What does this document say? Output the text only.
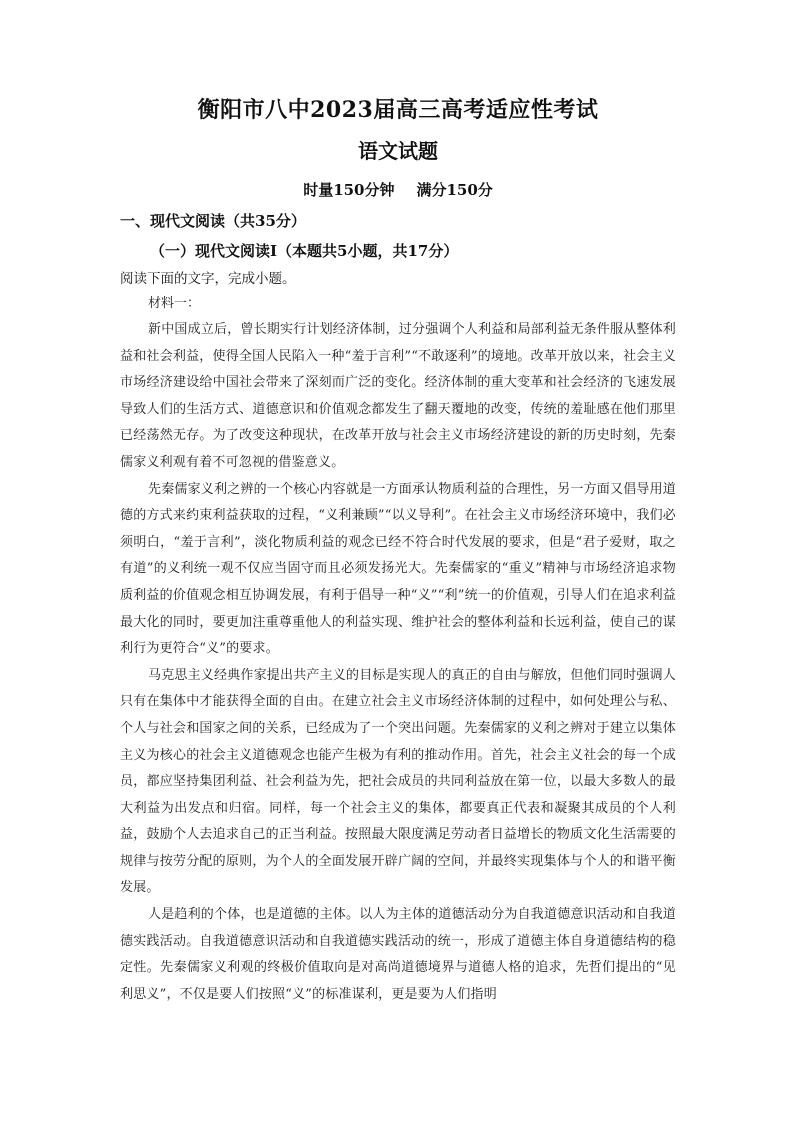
衡阳市八中2023届高三高考适应性考试
语文试题
时量150分钟 满分150分
一、现代文阅读（共35分）
（一）现代文阅读Ⅰ（本题共5小题，共17分）
阅读下面的文字，完成小题。
材料一：

新中国成立后，曾长期实行计划经济体制，过分强调个人利益和局部利益无条件服从整体利益和社会利益，使得全国人民陷入一种“羞于言利”“不敢逐利”的境地。改革开放以来，社会主义市场经济建设给中国社会带来了深刻而广泛的变化。经济体制的重大变革和社会经济的飞速发展导致人们的生活方式、道德意识和价值观念都发生了翻天覆地的改变，传统的羞耻感在他们那里已经荡然无存。为了改变这种现状，在改革开放与社会主义市场经济建设的新的历史时刻，先秦儒家义利观有着不可忽视的借鉴意义。

先秦儒家义利之辨的一个核心内容就是一方面承认物质利益的合理性，另一方面又倡导用道德的方式来约束利益获取的过程，“义利兼顾”“以义导利”。在社会主义市场经济环境中，我们必须明白，“羞于言利”，淡化物质利益的观念已经不符合时代发展的要求，但是“君子爱财，取之有道”的义利统一观不仅应当固守而且必须发扬光大。先秦儒家的“重义”精神与市场经济追求物质利益的价值观念相互协调发展，有利于倡导一种“义”“利”统一的价值观，引导人们在追求利益最大化的同时，要更加注重尊重他人的利益实现、维护社会的整体利益和长远利益，使自己的谋利行为更符合“义”的要求。

马克思主义经典作家提出共产主义的目标是实现人的真正的自由与解放，但他们同时强调人只有在集体中才能获得全面的自由。在建立社会主义市场经济体制的过程中，如何处理公与私、个人与社会和国家之间的关系，已经成为了一个突出问题。先秦儒家的义利之辨对于建立以集体主义为核心的社会主义道德观念也能产生极为有利的推动作用。首先，社会主义社会的每一个成员，都应坚持集团利益、社会利益为先，把社会成员的共同利益放在第一位，以最大多数人的最大利益为出发点和归宿。同样，每一个社会主义的集体，都要真正代表和凝聚其成员的个人利益，鼓励个人去追求自己的正当利益。按照最大限度满足劳动者日益增长的物质文化生活需要的规律与按劳分配的原则，为个人的全面发展开辟广阔的空间，并最终实现集体与个人的和谐平衡发展。

人是趋利的个体，也是道德的主体。以人为主体的道德活动分为自我道德意识活动和自我道德实践活动。自我道德意识活动和自我道德实践活动的统一，形成了道德主体自身道德结构的稳定性。先秦儒家义利观的终极价值取向是对高尚道德境界与道德人格的追求，先哲们提出的“见利思义”，不仅是要人们按照“义”的标准谋利，更是要为人们指明
